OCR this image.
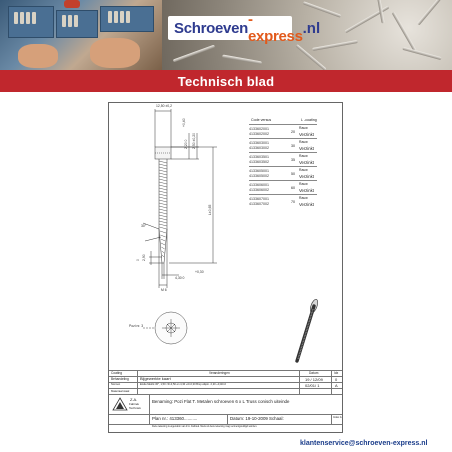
Schroeven -express .nl
Technisch blad
12,50 ±0,2
+0,40
2,20 0 2,50 ±0,20
L±0,65
30°
+0,30
4,30 0
0 2,90
M 6
Pozi nr. 3
Code versus	L -coating
4133602001
4133602002	20
Rauw
Verzinkt
4133603001
4133603002	30
Rauw
Verzinkt
4133603501
4133603502	35
Rauw
Verzinkt
4133605001
4133605002	50
Rauw
Verzinkt
4133606001
4133606002	60
Rauw
Verzinkt
4133607001
4133607002	70
Rauw
Verzinkt
Coating	Veranderingen	Datum	Idx
Behandeling	Bijgewerkte kaart	19 / 12/09	0
Normen	Einde Metrik 30°, 1,50 <0/-0,50 en 4,30 +0/-0,30 Bmp elkpin. 2,20 +0,40/-0	02/01/ 1	A
Materiaal staal
Z.A.
Fabriek
Techniek
Benaming: Pozi Flat T. Metalen schroeven 6 x L Truss conisch uiteinde
Plan nr.: 413360...........	Datum: 19-10-2009 Schaal:	Index A
Deze tekening is eigendom van Z.A. Fabriek. Niets uit deze tekening mag vermenigvuldigd worden.
klantenservice@schroeven-express.nl
